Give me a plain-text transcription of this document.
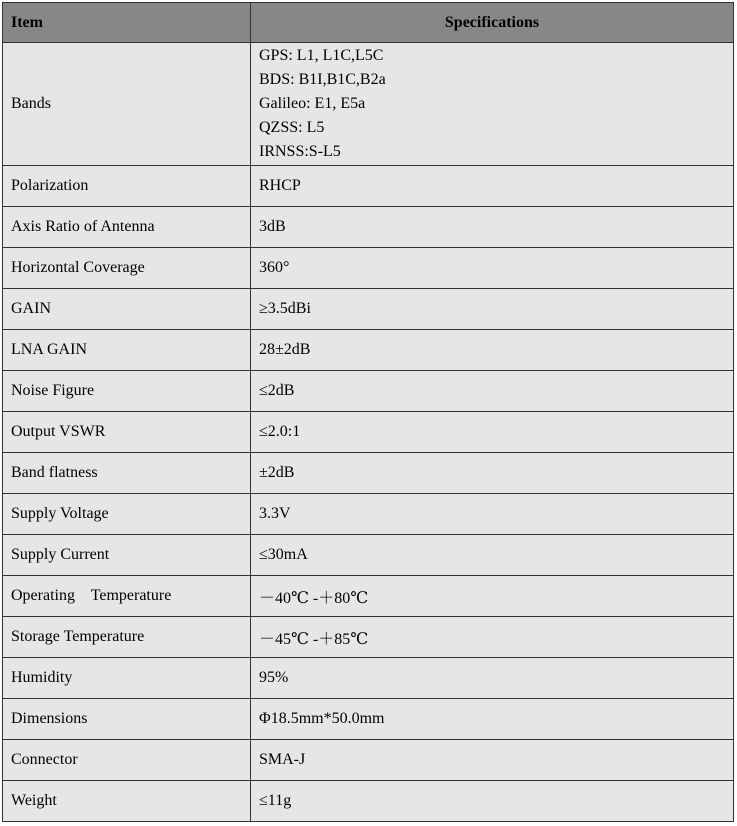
Item	Specifications
Bands	GPS: L1, L1C,L5C
BDS: B1I,B1C,B2a
Galileo: E1, E5a
QZSS: L5
IRNSS:S-L5

Polarization	RHCP
Axis Ratio of Antenna	3dB
Horizontal Coverage	360°
GAIN	≥3.5dBi
LNA GAIN	28±2dB
Noise Figure	≤2dB
Output VSWR	≤2.0:1
Band flatness	±2dB
Supply Voltage	3.3V
Supply Current	≤30mA
Operating    Temperature	－40℃ -＋80℃
Storage Temperature	－45℃ -＋85℃
Humidity	95%
Dimensions	Φ18.5mm*50.0mm
Connector	SMA-J
Weight	≤11g
